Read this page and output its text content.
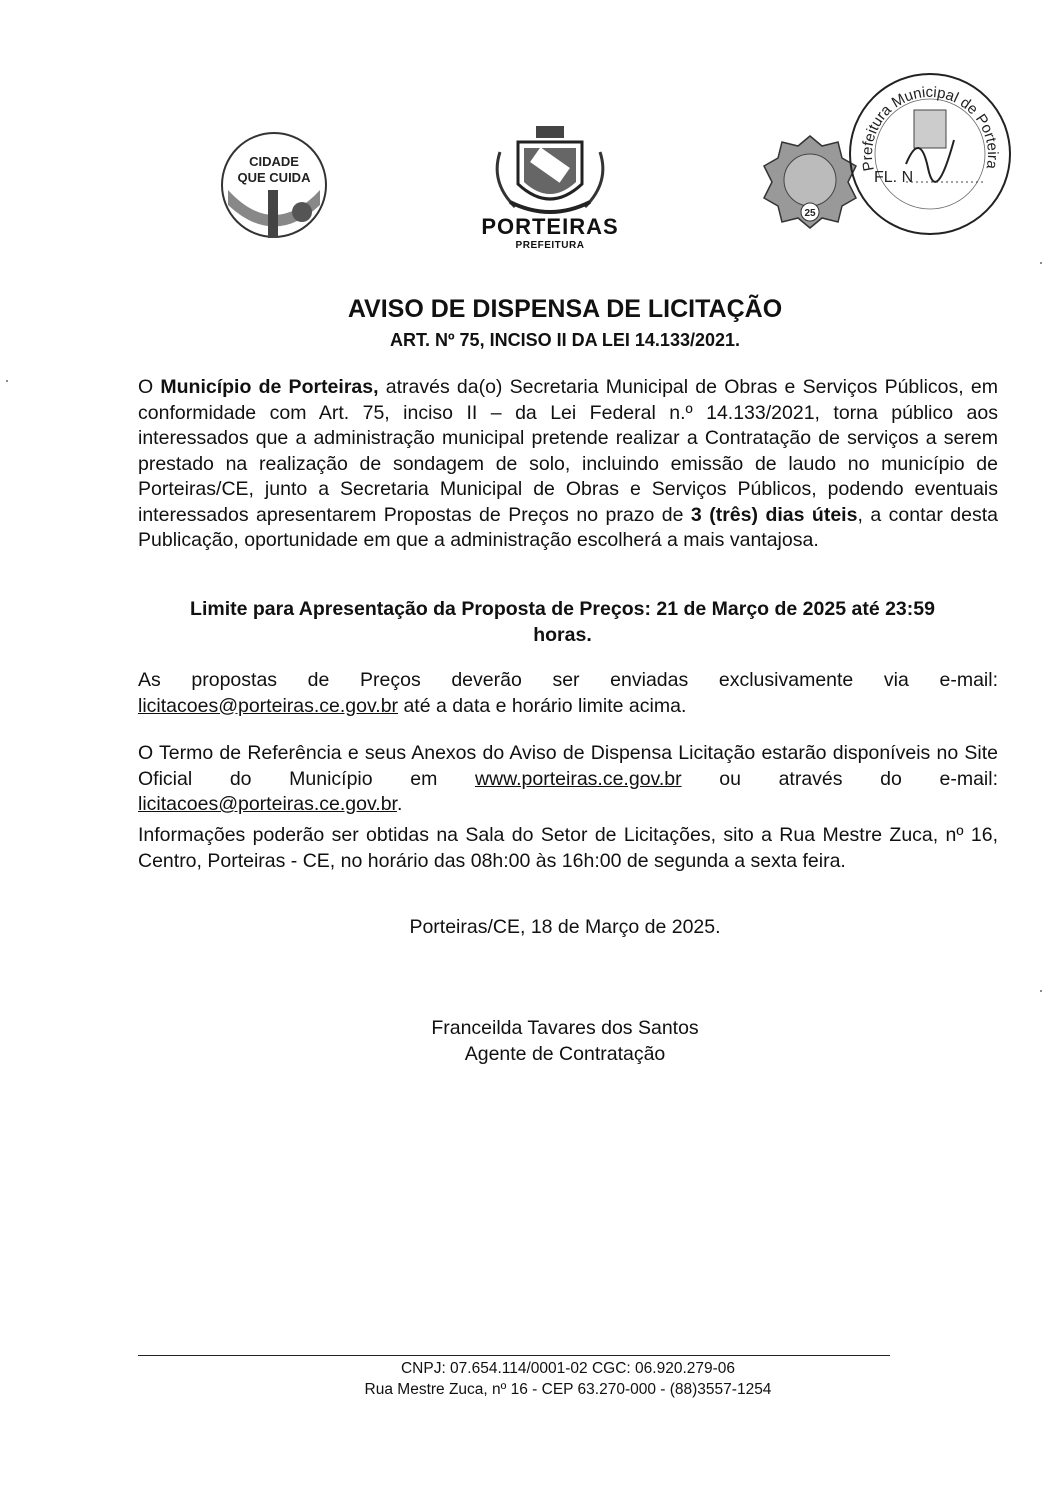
CIDADE
QUE CUIDA
PORTEIRAS
PREFEITURA
25
Prefeitura Municipal de Porteira
FL. N
AVISO DE DISPENSA DE LICITAÇÃO
ART. Nº 75, INCISO II DA LEI 14.133/2021.
O Município de Porteiras, através da(o) Secretaria Municipal de Obras e Serviços Públicos, em conformidade com Art. 75, inciso II – da Lei Federal n.º 14.133/2021, torna público aos interessados que a administração municipal pretende realizar a Contratação de serviços a serem prestado na realização de sondagem de solo, incluindo emissão de laudo no município de Porteiras/CE, junto a Secretaria Municipal de Obras e Serviços Públicos, podendo eventuais interessados apresentarem Propostas de Preços no prazo de 3 (três) dias úteis, a contar desta Publicação, oportunidade em que a administração escolherá a mais vantajosa.
Limite para Apresentação da Proposta de Preços: 21 de Março de 2025 até 23:59
horas.
As propostas de Preços deverão ser enviadas exclusivamente via e-mail: licitacoes@porteiras.ce.gov.br até a data e horário limite acima.
O Termo de Referência e seus Anexos do Aviso de Dispensa Licitação estarão disponíveis no Site Oficial do Município em www.porteiras.ce.gov.br ou através do e-mail: licitacoes@porteiras.ce.gov.br.
Informações poderão ser obtidas na Sala do Setor de Licitações, sito a Rua Mestre Zuca, nº 16, Centro, Porteiras - CE, no horário das 08h:00 às 16h:00 de segunda a sexta feira.
Porteiras/CE, 18 de Março de 2025.
Franceilda Tavares dos Santos
Agente de Contratação
CNPJ: 07.654.114/0001-02 CGC: 06.920.279-06
Rua Mestre Zuca, nº 16 - CEP 63.270-000 - (88)3557-1254
